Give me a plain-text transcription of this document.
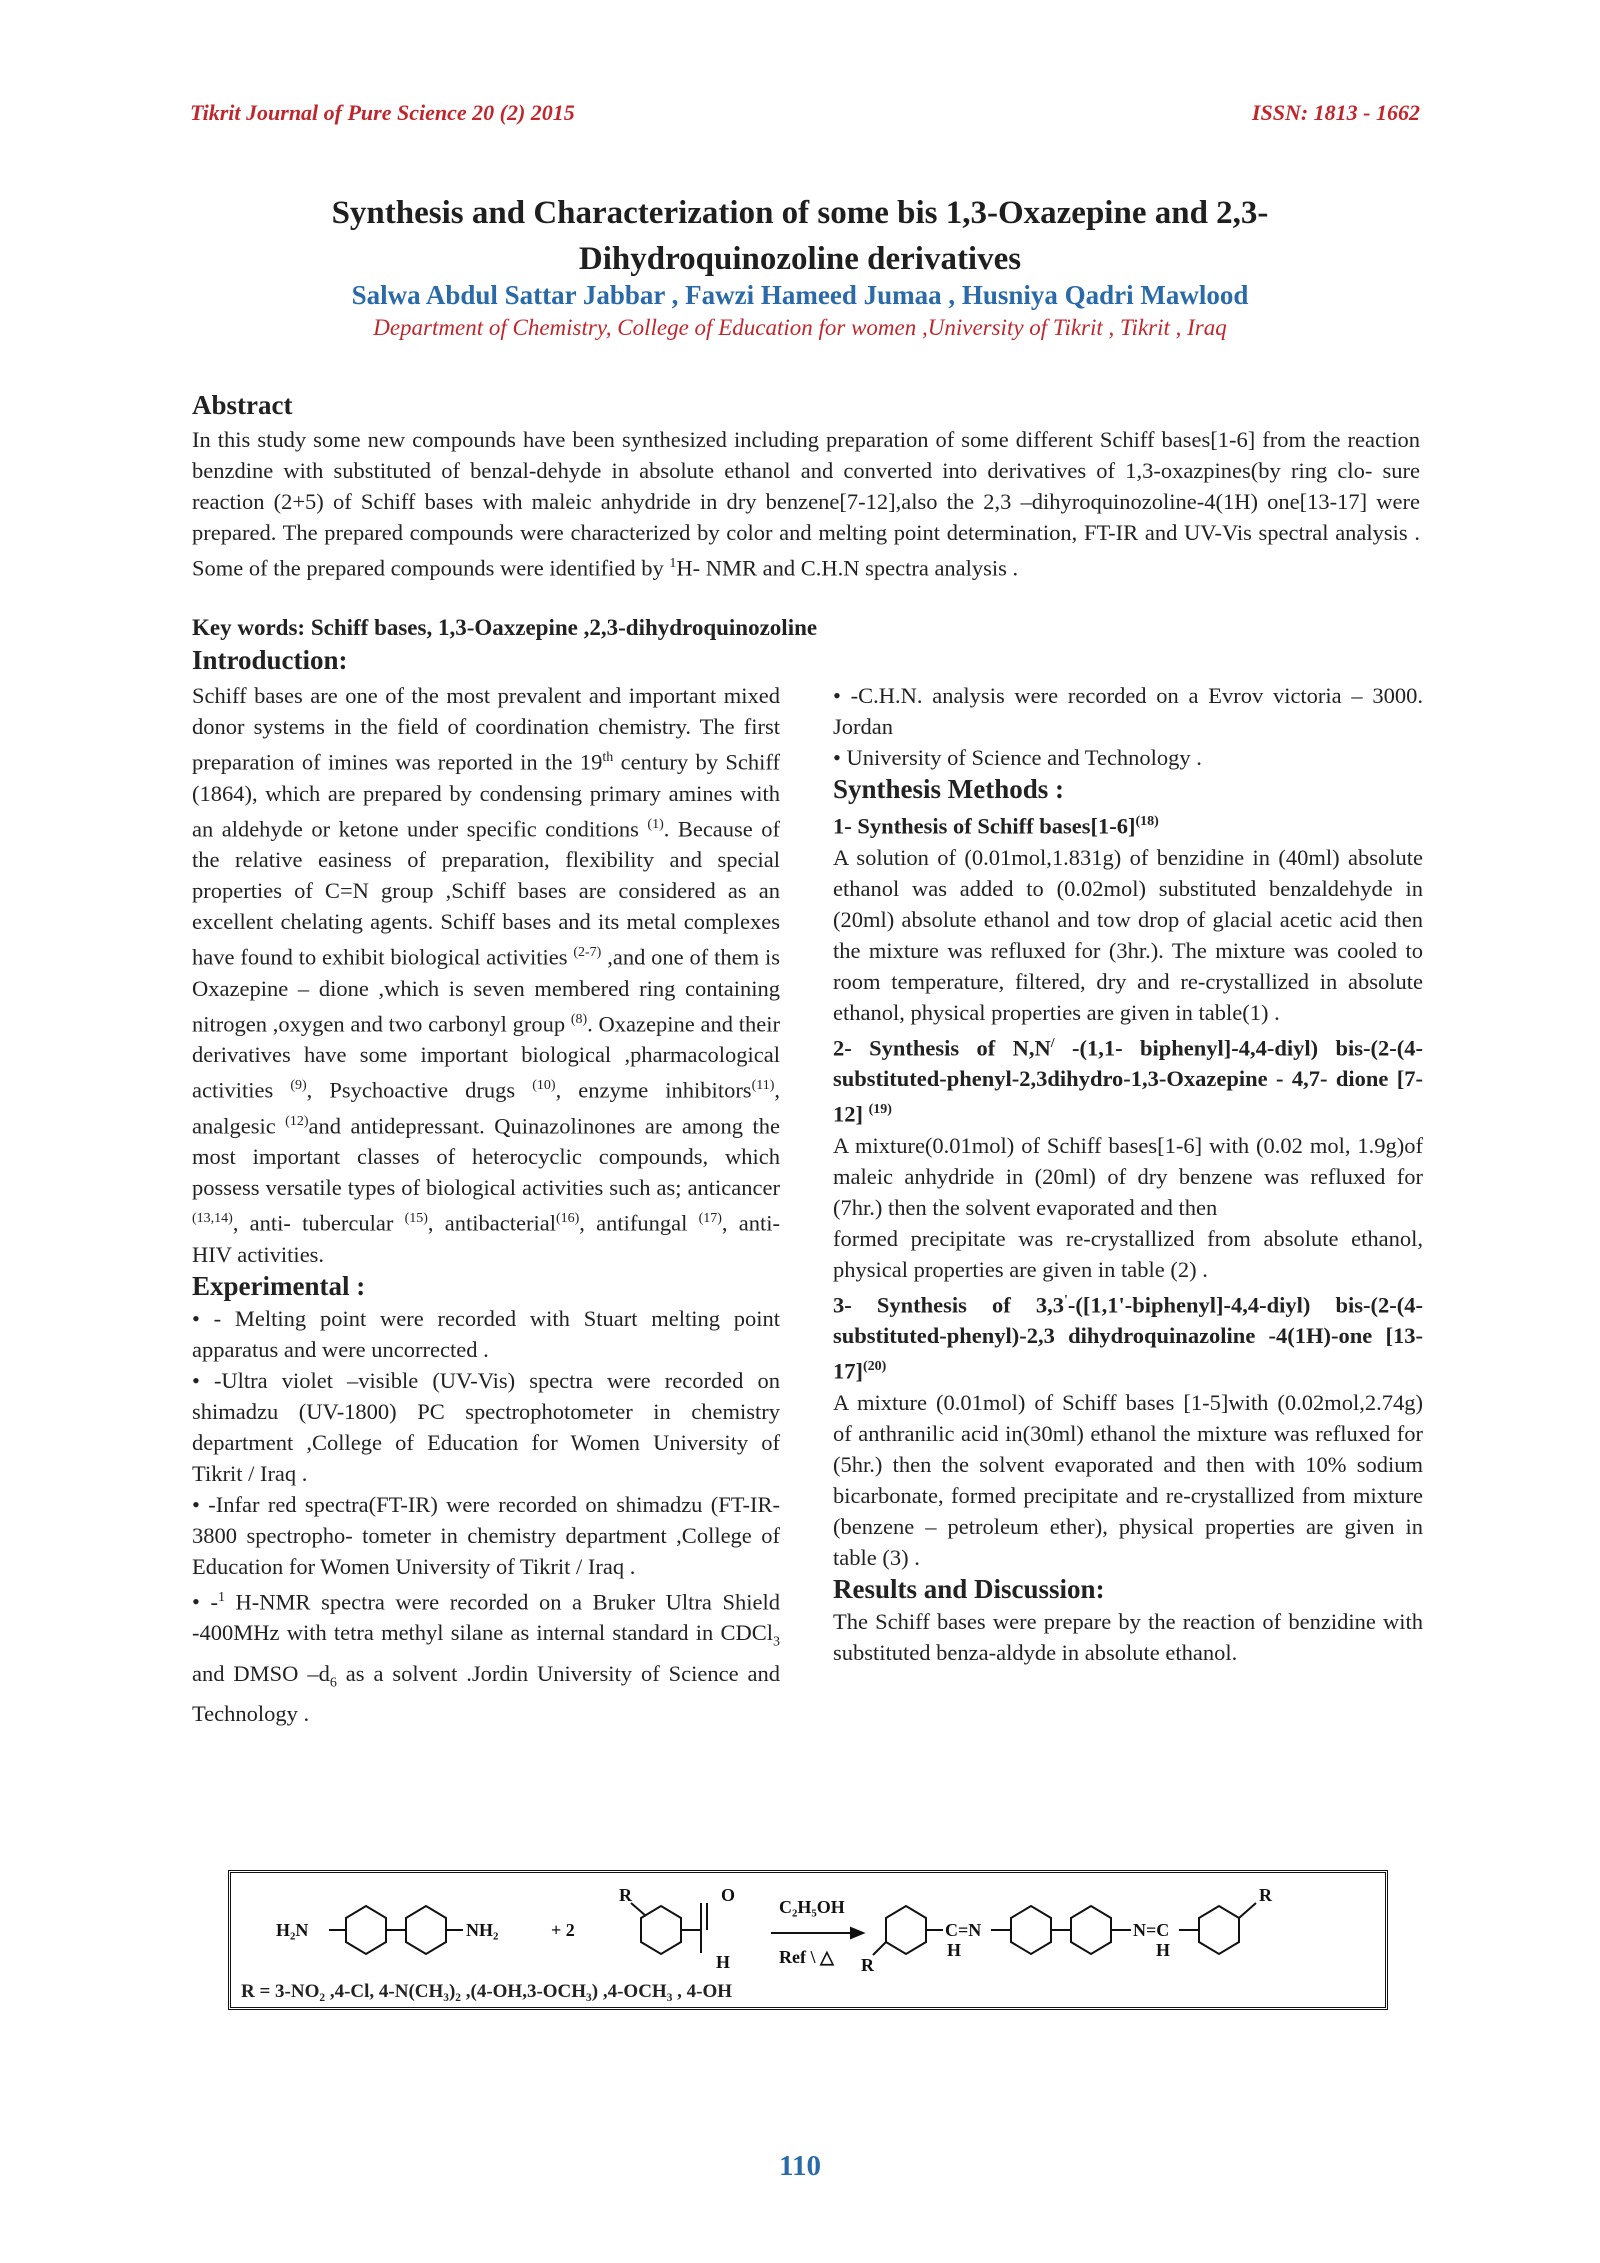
Tikrit Journal of Pure Science 20 (2) 2015	ISSN: 1813 - 1662
Synthesis and Characterization of some bis 1,3-Oxazepine and 2,3-Dihydroquinozoline derivatives
Salwa Abdul Sattar Jabbar , Fawzi Hameed Jumaa , Husniya Qadri Mawlood
Department of Chemistry, College of Education for women ,University of Tikrit , Tikrit , Iraq
Abstract

In this study some new compounds have been synthesized including preparation of some different Schiff bases[1-6] from the reaction benzdine with substituted of benzal-dehyde in absolute ethanol and converted into derivatives of 1,3-oxazpines(by ring clo- sure reaction (2+5) of Schiff bases with maleic anhydride in dry benzene[7-12],also the 2,3 –dihyroquinozoline-4(1H) one[13-17] were prepared. The prepared compounds were characterized by color and melting point determination, FT-IR and UV-Vis spectral analysis . Some of the prepared compounds were identified by $^1$H- NMR and C.H.N spectra analysis .

Key words: Schiff bases, 1,3-Oaxzepine ,2,3-dihydroquinozoline
Introduction:

Schiff bases are one of the most prevalent and important mixed donor systems in the field of coordination chemistry. The first preparation of imines was reported in the 19th century by Schiff (1864), which are prepared by condensing primary amines with an aldehyde or ketone under specific conditions $^{(1)}$. Because of the relative easiness of preparation, flexibility and special properties of C=N group ,Schiff bases are considered as an excellent chelating agents. Schiff bases and its metal complexes have found to exhibit biological activities $^{(2-7)}$ ,and one of them is Oxazepine – dione ,which is seven membered ring containing nitrogen ,oxygen and two carbonyl group $^{(8)}$. Oxazepine and their derivatives have some important biological ,pharmacological activities $^{(9)}$, Psychoactive drugs $^{(10)}$, enzyme inhibitors$^{(11)}$, analgesic $^{(12)}$and antidepressant. Quinazolinones are among the most important classes of heterocyclic compounds, which possess versatile types of biological activities such as; anticancer $^{(13,14)}$, anti- tubercular $^{(15)}$, antibacterial$^{(16)}$, antifungal $^{(17)}$, anti-HIV activities.

Experimental :

• - Melting point were recorded with Stuart melting point apparatus and were uncorrected .

• -Ultra violet –visible (UV-Vis) spectra were recorded on shimadzu (UV-1800) PC spectrophotometer in chemistry department ,College of Education for Women University of Tikrit / Iraq .

• -Infar red spectra(FT-IR) were recorded on shimadzu (FT-IR-3800 spectropho- tometer in chemistry department ,College of Education for Women University of Tikrit / Iraq .

• -$^1$ H-NMR spectra were recorded on a Bruker Ultra Shield -400MHz with tetra methyl silane as internal standard in CDCl$_3$ and DMSO $-d_6$ as a solvent .Jordin University of Science and Technology .

• -C.H.N. analysis were recorded on a Evrov victoria – 3000. Jordan

• University of Science and Technology .

Synthesis Methods :
1- Synthesis of Schiff $bases[1-6]^{(18)}$

A solution of (0.01mol,1.831g) of benzidine in (40ml) absolute ethanol was added to (0.02mol) substituted benzaldehyde in (20ml) absolute ethanol and tow drop of glacial acetic acid then the mixture was refluxed for (3hr.). The mixture was cooled to room temperature, filtered, dry and re-crystallized in absolute ethanol, physical properties are given in table(1) .

2- Synthesis of N,N/ -(1,1- biphenyl]-4,4-diyl) bis-(2-(4-substituted-phenyl-2,3dihydro-1,3-Oxazepine - 4,7- dione [7-12] $^{(19)}$

A mixture(0.01mol) of Schiff bases[1-6] with (0.02 mol, 1.9g)of maleic anhydride in (20ml) of dry benzene was refluxed for (7hr.) then the solvent evaporated and then

formed precipitate was re-crystallized from absolute ethanol, physical properties are given in table (2) .

3- Synthesis of 3,3'-([1,1'-biphenyl]-4,4-diyl) bis-(2-(4- substituted-phenyl)-2,3 dihydroquinazoline -4(1H)-one $[13-17]^{(20)}$

A mixture (0.01mol) of Schiff bases [1-5]with (0.02mol,2.74g) of anthranilic acid in(30ml) ethanol the mixture was refluxed for (5hr.) then the solvent evaporated and then with 10% sodium bicarbonate, formed precipitate and re-crystallized from mixture (benzene – petroleum ether), physical properties are given in table (3) .

Results and Discussion:

The Schiff bases were prepare by the reaction of benzidine with substituted benza-aldyde in absolute ethanol.

H₂N	NH₂	+ 2
R	O
H
C₂H₅OH
Ref \ △
C=N
H
N=C
H
R
R
R = 3-NO₂ ,4-Cl, 4-N(CH₃)₂ ,(4-OH,3-OCH₃) ,4-OCH₃ , 4-OH
110
